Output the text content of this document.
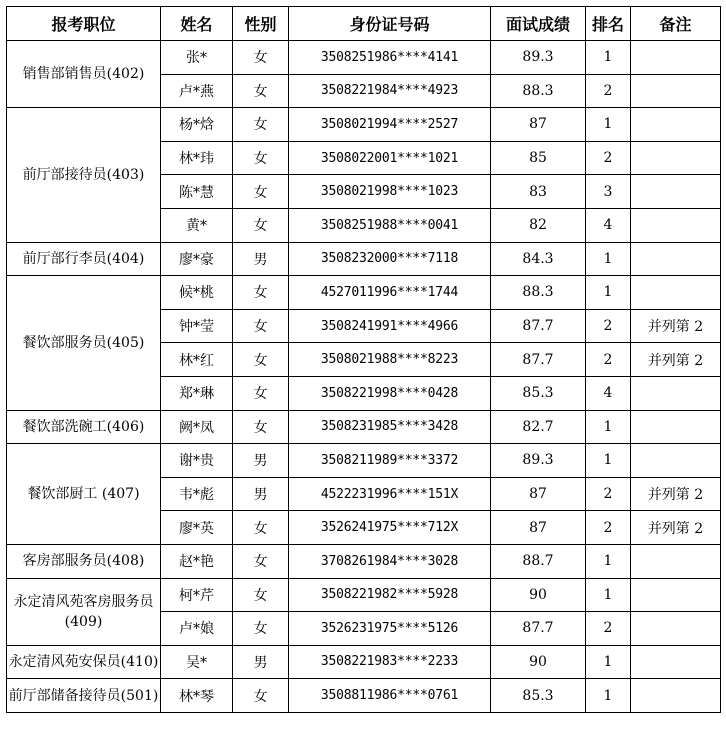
报考职位	姓名	性别	身份证号码	面试成绩	排名	备注
销售部销售员(402)	张*	女	3508251986****4141	89.3	1	
	卢*燕	女	3508221984****4923	88.3	2	
前厅部接待员(403)	杨*焓	女	3508021994****2527	87	1	
	林*玮	女	3508022001****1021	85	2	
	陈*慧	女	3508021998****1023	83	3	
	黄*	女	3508251988****0041	82	4	
前厅部行李员(404)	廖*豪	男	3508232000****7118	84.3	1	
餐饮部服务员(405)	候*桃	女	4527011996****1744	88.3	1	
	钟*莹	女	3508241991****4966	87.7	2	并列第 2
	林*红	女	3508021988****8223	87.7	2	并列第 2
	郑*琳	女	3508221998****0428	85.3	4	
餐饮部洗碗工(406)	阙*凤	女	3508231985****3428	82.7	1	
餐饮部厨工 (407)	谢*贵	男	3508211989****3372	89.3	1	
	韦*彪	男	4522231996****151X	87	2	并列第 2
	廖*英	女	3526241975****712X	87	2	并列第 2
客房部服务员(408)	赵*艳	女	3708261984****3028	88.7	1	
永定清风苑客房服务员(409)	柯*芹	女	3508221982****5928	90	1	
	卢*娘	女	3526231975****5126	87.7	2	
永定清风苑安保员(410)	吴*	男	3508221983****2233	90	1	
前厅部储备接待员(501)	林*琴	女	3508811986****0761	85.3	1	
